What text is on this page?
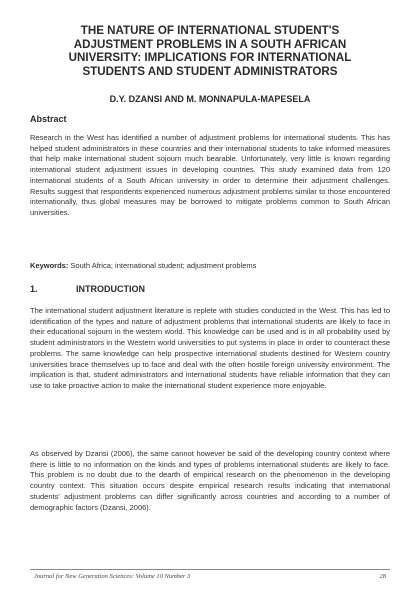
THE NATURE OF INTERNATIONAL STUDENT'S ADJUSTMENT PROBLEMS IN A SOUTH AFRICAN UNIVERSITY: IMPLICATIONS FOR INTERNATIONAL STUDENTS AND STUDENT ADMINISTRATORS
D.Y. DZANSI AND M. MONNAPULA-MAPESELA
Abstract

Research in the West has identified a number of adjustment problems for international students. This has helped student administrators in these countries and their international students to take informed measures that help make international student sojourn much bearable. Unfortunately, very little is known regarding international student adjustment issues in developing countries. This study examined data from 120 international students of a South African university in order to determine their adjustment challenges. Results suggest that respondents experienced numerous adjustment problems similar to those encountered internationally, thus global measures may be borrowed to mitigate problems common to South African universities.

Keywords: South Africa; international student; adjustment problems

1.	INTRODUCTION

The international student adjustment literature is replete with studies conducted in the West. This has led to identification of the types and nature of adjustment problems that international students are likely to face in their educational sojourn in the western world. This knowledge can be used and is in all probability used by student administrators in the Western world universities to put systems in place in order to counteract these problems. The same knowledge can help prospective international students destined for Western country universities brace themselves up to face and deal with the often hostile foreign university environment. The implication is that, student administrators and international students have reliable information that they can use to take proactive action to make the international student experience more enjoyable.

As observed by Dzansi (2006), the same cannot however be said of the developing country context where there is little to no information on the kinds and types of problems international students are likely to face. This problem is no doubt due to the dearth of empirical research on the phenomenon in the developing country context. This situation occurs despite empirical research results indicating that international students' adjustment problems can differ significantly across countries and according to a number of demographic factors (Dzansi, 2006).

Journal for New Generation Sciences: Volume 10 Number 3	28
